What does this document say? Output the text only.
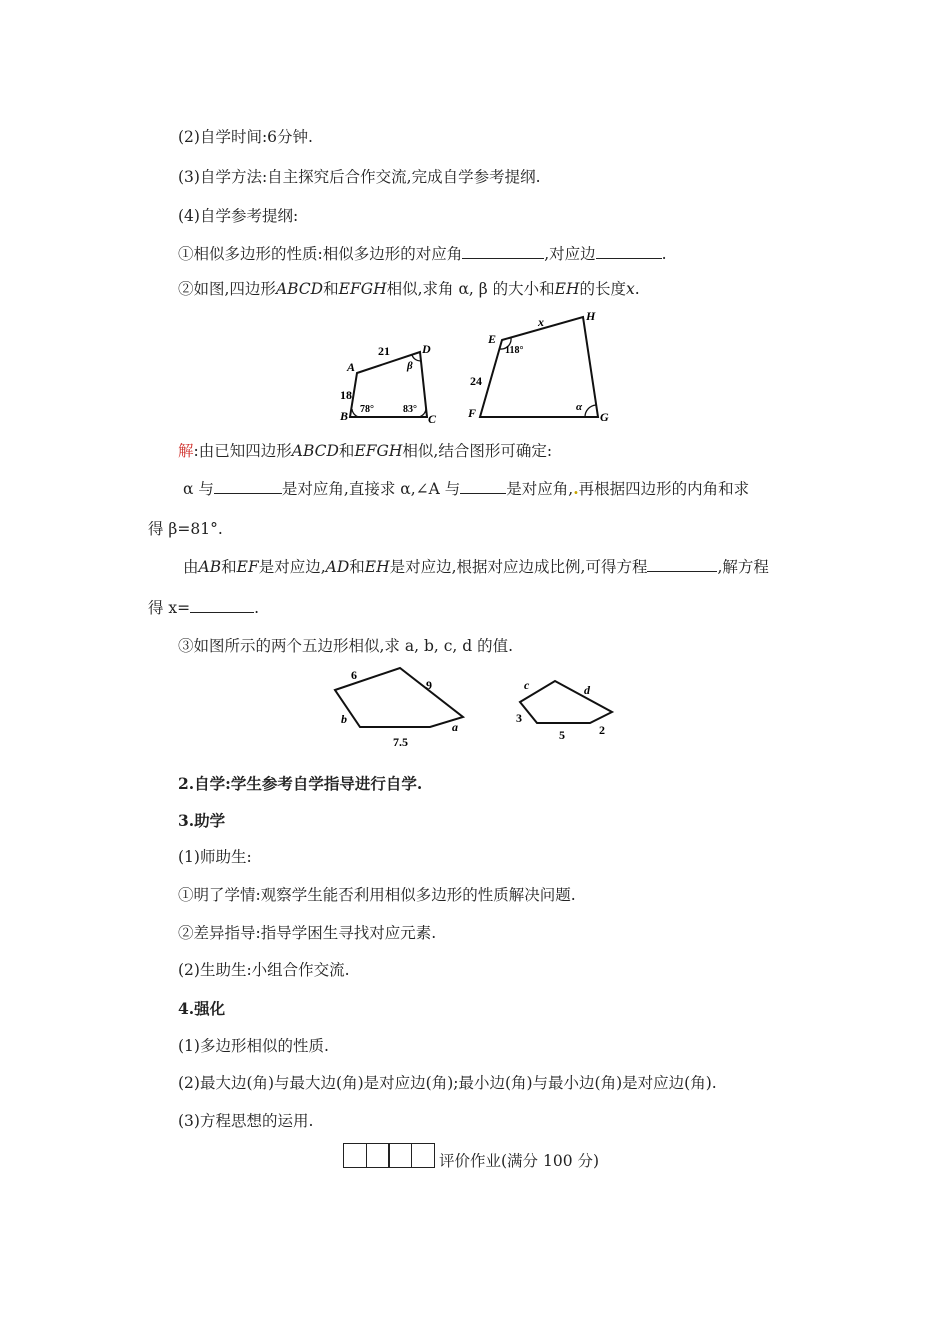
(2)自学时间:6分钟.
(3)自学方法:自主探究后合作交流,完成自学参考提纲.
(4)自学参考提纲:
①相似多边形的性质:相似多边形的对应角	,对应边	.
②如图,四边形ABCD和EFGH相似,求角 α, β 的大小和EH的长度x.
A
B	C
D
21
18
78°	83°
β
E
F	G
H
x
24
118°
α
解:由已知四边形ABCD和EFGH相似,结合图形可确定:
α 与	是对应角,直接求 α,∠A 与	是对应角,.再根据四边形的内角和求
得 β=81°.
由AB和EF是对应边,AD和EH是对应边,根据对应边成比例,可得方程	,解方程
得 x=	.
③如图所示的两个五边形相似,求 a, b, c, d 的值.
6
9
b
a
7.5
c	d
3
5	2
2.自学:学生参考自学指导进行自学.
3.助学
(1)师助生:
①明了学情:观察学生能否利用相似多边形的性质解决问题.
②差异指导:指导学困生寻找对应元素.
(2)生助生:小组合作交流.
4.强化
(1)多边形相似的性质.
(2)最大边(角)与最大边(角)是对应边(角);最小边(角)与最小边(角)是对应边(角).
(3)方程思想的运用.
评价作业(满分 100 分)
